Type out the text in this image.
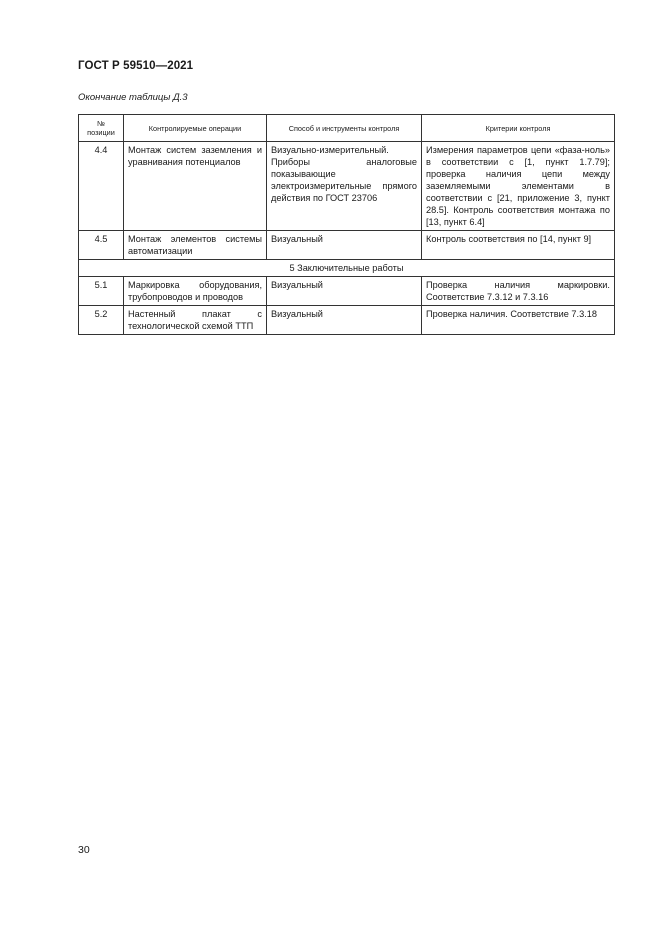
ГОСТ Р 59510—2021
Окончание таблицы Д.3
№
позиции	Контролируемые операции	Способ и инструменты контроля	Критерии контроля
4.4	Монтаж систем заземления и уравнивания потенциалов	Визуально-измерительный. Приборы аналоговые показывающие электроизмерительные прямого действия по ГОСТ 23706	Измерения параметров цепи «фаза-ноль» в соответствии с [1, пункт 1.7.79]; проверка наличия цепи между заземляемыми элементами в соответствии с [21, приложение 3, пункт 28.5]. Контроль соответствия монтажа по [13, пункт 6.4]
4.5	Монтаж элементов системы автоматизации	Визуальный	Контроль соответствия по [14, пункт 9]
5 Заключительные работы			
5.1	Маркировка оборудования, трубопроводов и проводов	Визуальный	Проверка наличия маркировки. Соответствие 7.3.12 и 7.3.16
5.2	Настенный плакат с технологической схемой ТТП	Визуальный	Проверка наличия. Соответствие 7.3.18
30
